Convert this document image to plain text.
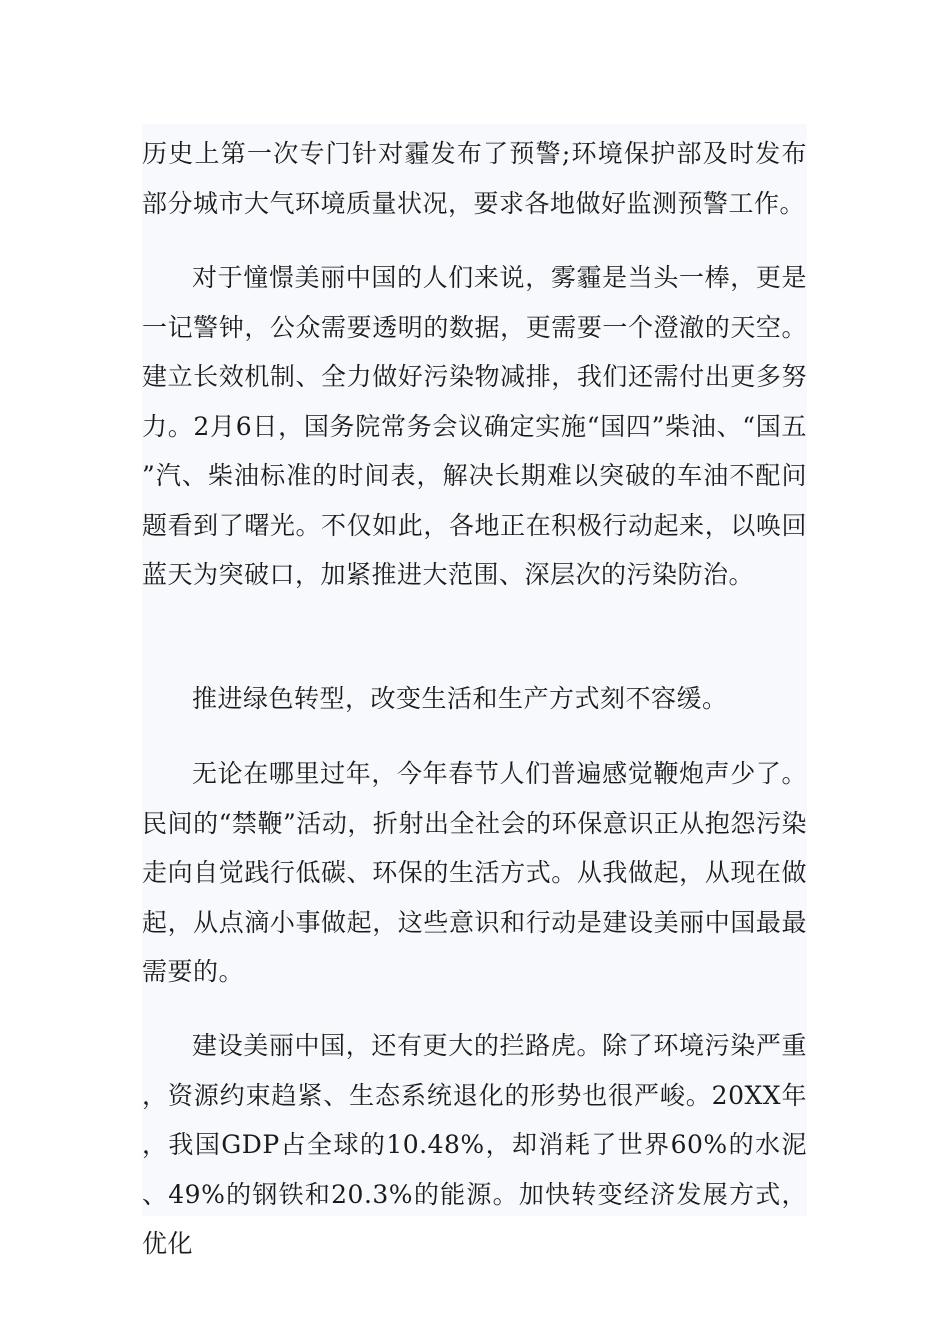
历史上第一次专门针对霾发布了预警;环境保护部及时发布部分城市大气环境质量状况，要求各地做好监测预警工作。

对于憧憬美丽中国的人们来说，雾霾是当头一棒，更是一记警钟，公众需要透明的数据，更需要一个澄澈的天空。建立长效机制、全力做好污染物减排，我们还需付出更多努力。2月6日，国务院常务会议确定实施“国四”柴油、“国五”汽、柴油标准的时间表，解决长期难以突破的车油不配问题看到了曙光。不仅如此，各地正在积极行动起来，以唤回蓝天为突破口，加紧推进大范围、深层次的污染防治。

推进绿色转型，改变生活和生产方式刻不容缓。

无论在哪里过年，今年春节人们普遍感觉鞭炮声少了。民间的“禁鞭”活动，折射出全社会的环保意识正从抱怨污染走向自觉践行低碳、环保的生活方式。从我做起，从现在做起，从点滴小事做起，这些意识和行动是建设美丽中国最最需要的。

建设美丽中国，还有更大的拦路虎。除了环境污染严重，资源约束趋紧、生态系统退化的形势也很严峻。20XX年，我国GDP占全球的10.48%，却消耗了世界60%的水泥、49%的钢铁和20.3%的能源。加快转变经济发展方式，优化
